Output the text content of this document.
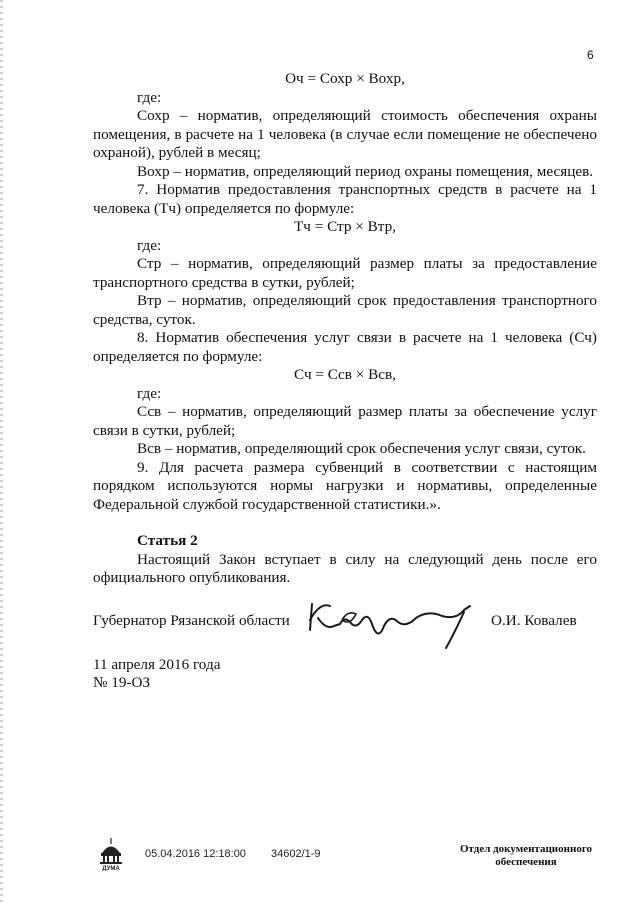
6

Оч = Сохр × Вохр,

где:

Сохр – норматив, определяющий стоимость обеспечения охраны помещения, в расчете на 1 человека (в случае если помещение не обеспечено охраной), рублей в месяц;

Вохр – норматив, определяющий период охраны помещения, месяцев.

7. Норматив предоставления транспортных средств в расчете на 1 человека (Тч) определяется по формуле:

Тч = Стр × Втр,

где:

Стр – норматив, определяющий размер платы за предоставление транспортного средства в сутки, рублей;

Втр – норматив, определяющий срок предоставления транспортного средства, суток.

8. Норматив обеспечения услуг связи в расчете на 1 человека (Сч) определяется по формуле:

Сч = Ссв × Всв,

где:

Ссв – норматив, определяющий размер платы за обеспечение услуг связи в сутки, рублей;

Всв – норматив, определяющий срок обеспечения услуг связи, суток.

9. Для расчета размера субвенций в соответствии с настоящим порядком используются нормы нагрузки и нормативы, определенные Федеральной службой государственной статистики.».

Статья 2

Настоящий Закон вступает в силу на следующий день после его официального опубликования.

Губернатор Рязанской области	О.И. Ковалев
11 апреля 2016 года
№ 19-ОЗ
ДУМА
05.04.2016 12:18:00 34602/1-9	Отдел документационного обеспечения
